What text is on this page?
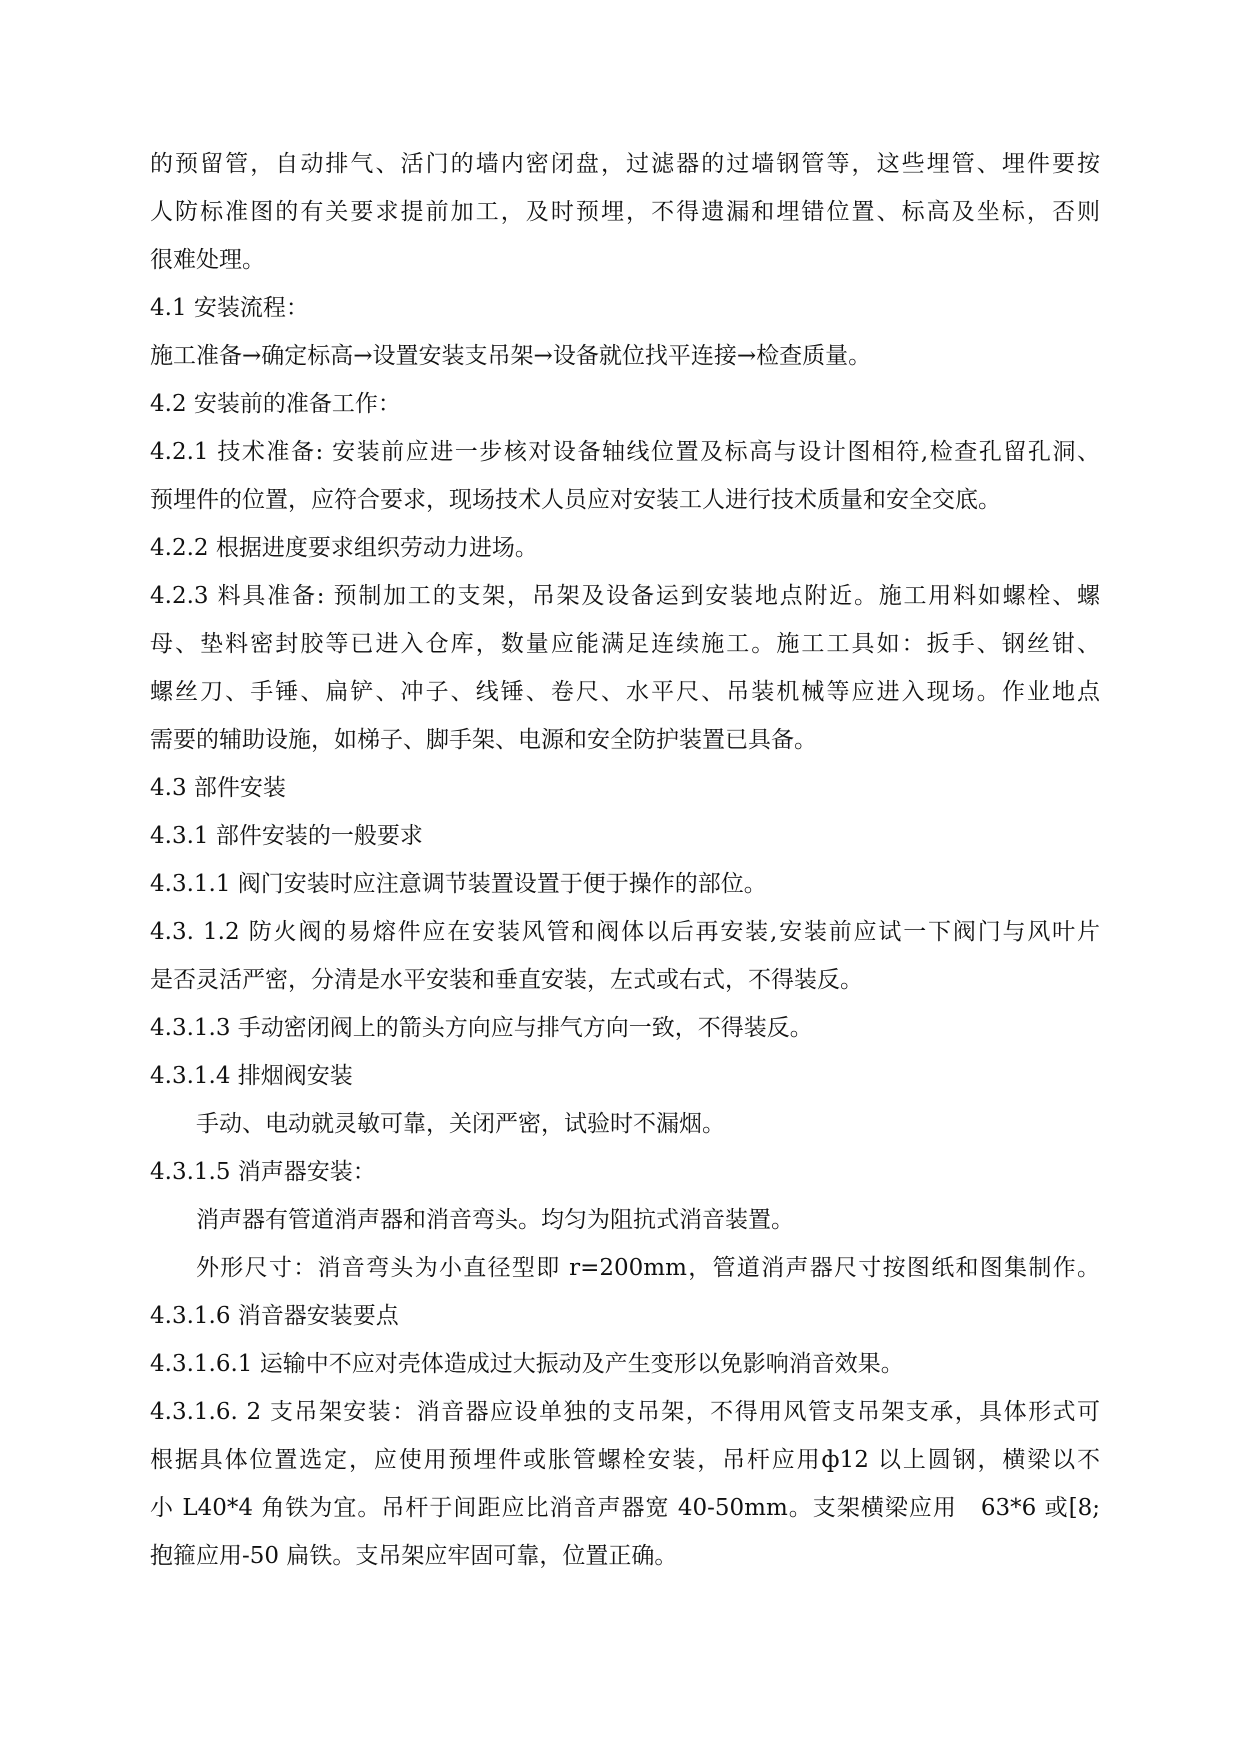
的预留管，自动排气、活门的墙内密闭盘，过滤器的过墙钢管等，这些埋管、埋件要按
人防标准图的有关要求提前加工，及时预埋，不得遗漏和埋错位置、标高及坐标，否则
很难处理。
4.1 安装流程：
施工准备→确定标高→设置安装支吊架→设备就位找平连接→检查质量。
4.2 安装前的准备工作：
4.2.1 技术准备: 安装前应进一步核对设备轴线位置及标高与设计图相符,检查孔留孔洞、
预埋件的位置，应符合要求，现场技术人员应对安装工人进行技术质量和安全交底。
4.2.2 根据进度要求组织劳动力进场。
4.2.3 料具准备: 预制加工的支架，吊架及设备运到安装地点附近。施工用料如螺栓、螺
母、垫料密封胶等已进入仓库，数量应能满足连续施工。施工工具如：扳手、钢丝钳、
螺丝刀、手锤、扁铲、冲子、线锤、卷尺、水平尺、吊装机械等应进入现场。作业地点
需要的辅助设施，如梯子、脚手架、电源和安全防护装置已具备。
4.3 部件安装
4.3.1 部件安装的一般要求
4.3.1.1 阀门安装时应注意调节装置设置于便于操作的部位。
4.3. 1.2 防火阀的易熔件应在安装风管和阀体以后再安装,安装前应试一下阀门与风叶片
是否灵活严密，分清是水平安装和垂直安装，左式或右式，不得装反。
4.3.1.3 手动密闭阀上的箭头方向应与排气方向一致，不得装反。
4.3.1.4 排烟阀安装
手动、电动就灵敏可靠，关闭严密，试验时不漏烟。
4.3.1.5 消声器安装：
消声器有管道消声器和消音弯头。均匀为阻抗式消音装置。
外形尺寸：消音弯头为小直径型即 r=200mm，管道消声器尺寸按图纸和图集制作。
4.3.1.6 消音器安装要点
4.3.1.6.1 运输中不应对壳体造成过大振动及产生变形以免影响消音效果。
4.3.1.6. 2 支吊架安装：消音器应设单独的支吊架，不得用风管支吊架支承，具体形式可
根据具体位置选定，应使用预埋件或胀管螺栓安装，吊杆应用ф12 以上圆钢，横梁以不
小 L40*4 角铁为宜。吊杆于间距应比消音声器宽 40-50mm。支架横梁应用　63*6 或[8;
抱箍应用-50 扁铁。支吊架应牢固可靠，位置正确。
